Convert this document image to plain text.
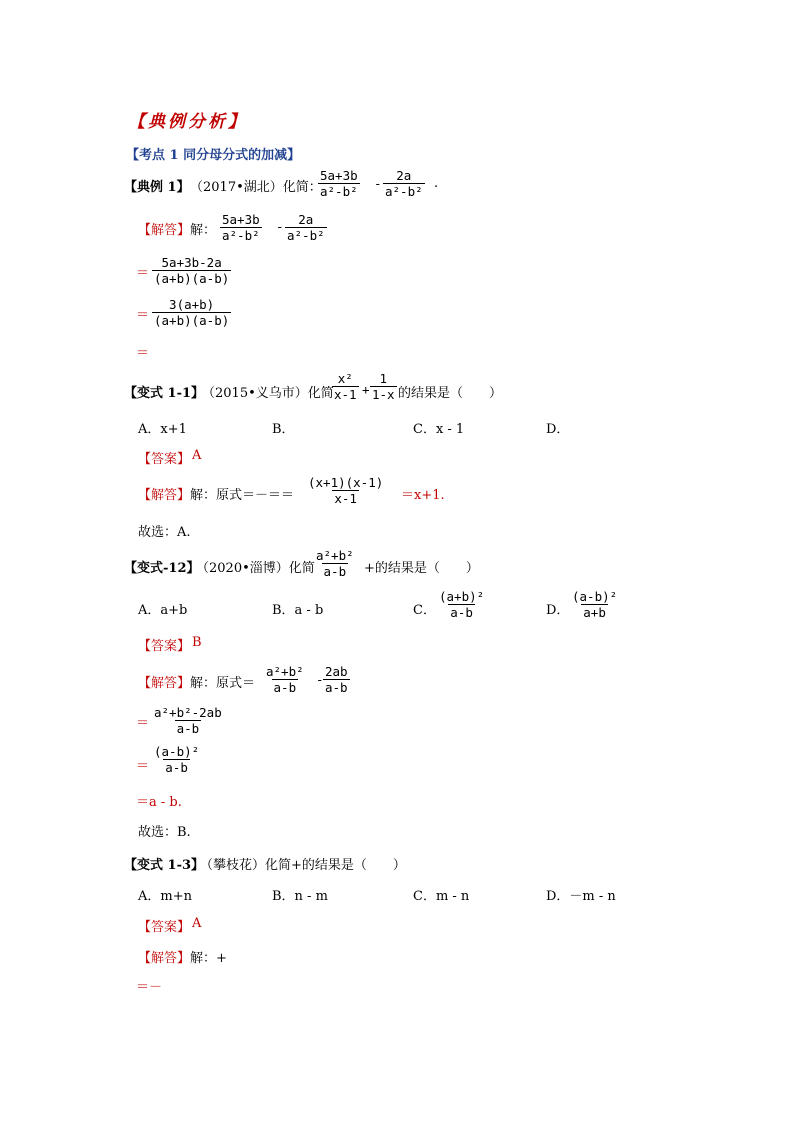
【典例分析】
【考点 1 同分母分式的加减】
【典例 1】 （2017•湖北）化简：
$\frac{5a+3b}{\text{a²-b²}} - \frac{2a}{\text{a²-b²}}$ .
【解答】 解： $\frac{5a+3b}{\text{a²-b²}} - \frac{2a}{\text{a²-b²}}$
＝ $\frac{5a+3b-2a}{(a+b)(a-b)}$
＝ $\frac{3(a+b)}{(a+b)(a-b)}$
＝
【变式 1-1】
（2015•义乌市）化简
$\frac{\text{x²}}{x-1} + \frac{1}{1-x}$ 的结果是（　　）
A．x+1	B．	C．x - 1	D．
【答案】 A
【解答】 解：原式＝－＝＝ $\frac{(x+1)(x-1)}{x-1} =x+1$.
故选：A.
【变式-12】
（2020•淄博）化简 $\frac{\text{a²+b²}}{a-b}$ +的结果是（　　）
A．a+b	B．a - b	C． $\frac{\text{(a+b)²}}{a-b}$	D． $\frac{\text{(a-b)²}}{a+b}$
【答案】 B
【解答】 解：原式＝ $\frac{\text{a²+b²}}{a-b} - \frac{2ab}{a-b}$
＝ $\frac{\text{a²+b²-2ab}}{a-b}$
＝ $\frac{\text{(a-b)²}}{a-b}$
＝a - b.
故选：B.
【变式 1-3】
（攀枝花）化简+的结果是（　　）
A．m+n	B．n - m	C．m - n	D．－m - n
【答案】 A
【解答】 解：+
＝－
